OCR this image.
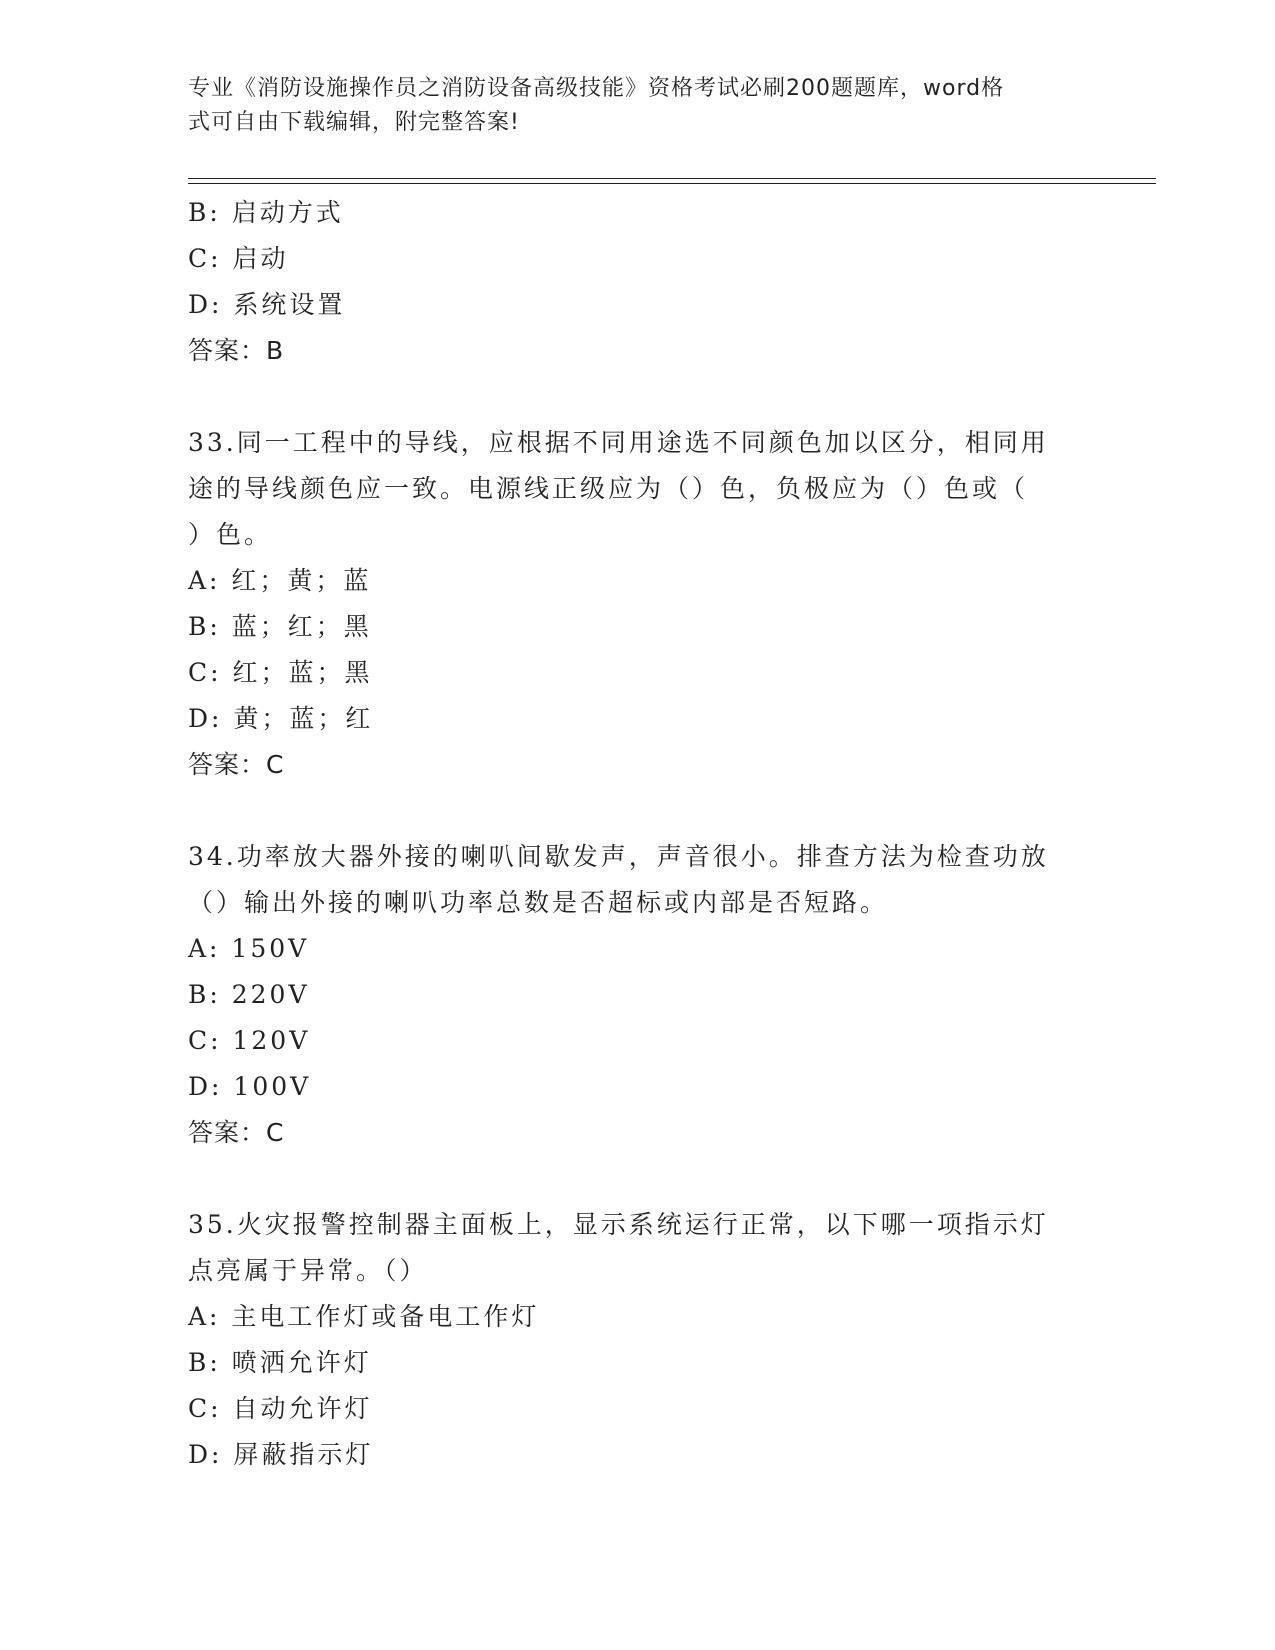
专业《消防设施操作员之消防设备高级技能》资格考试必刷200题题库，word格
式可自由下载编辑，附完整答案!
B: 启动方式
C: 启动
D: 系统设置
答案：B
33.同一工程中的导线，应根据不同用途选不同颜色加以区分，相同用
途的导线颜色应一致。电源线正级应为（）色，负极应为（）色或（
）色。
A: 红；黄；蓝
B: 蓝；红；黑
C: 红；蓝；黑
D: 黄；蓝；红
答案：C
34.功率放大器外接的喇叭间歇发声，声音很小。排查方法为检查功放
（）输出外接的喇叭功率总数是否超标或内部是否短路。
A: 150V
B: 220V
C: 120V
D: 100V
答案：C
35.火灾报警控制器主面板上，显示系统运行正常，以下哪一项指示灯
点亮属于异常。（）
A: 主电工作灯或备电工作灯
B: 喷洒允许灯
C: 自动允许灯
D: 屏蔽指示灯
